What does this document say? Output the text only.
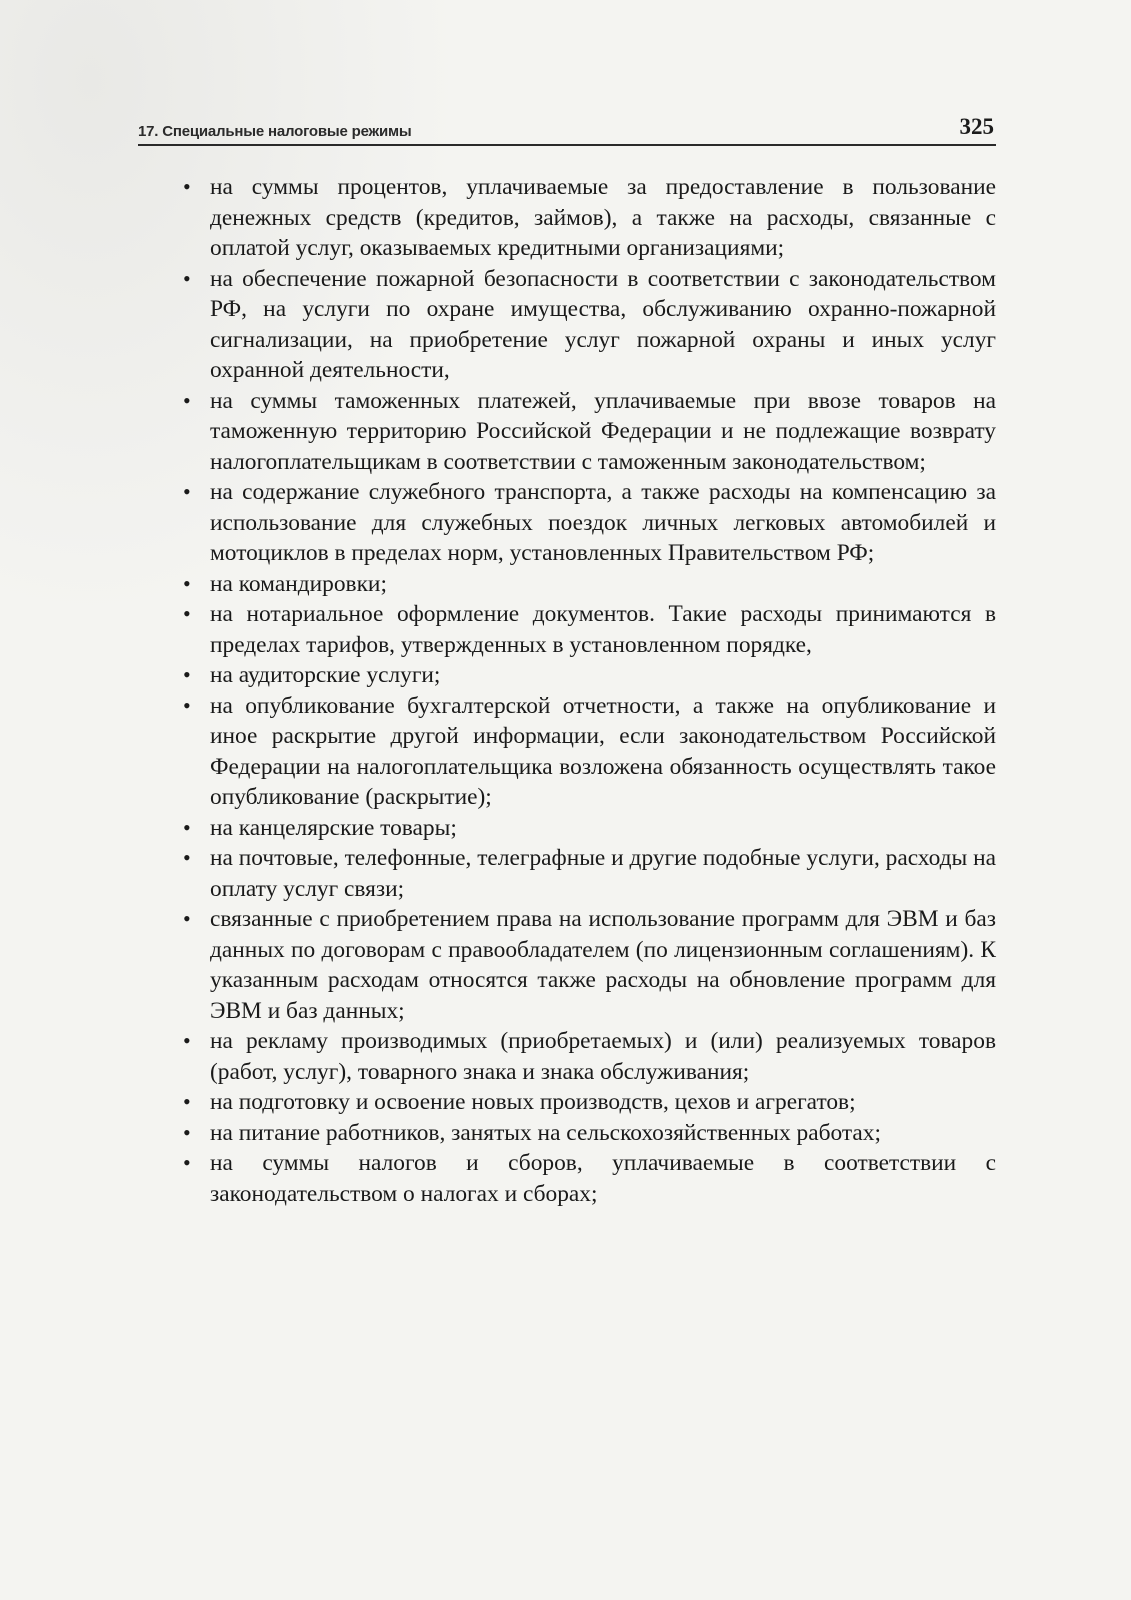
17. Специальные налоговые режимы	325
• на суммы процентов, уплачиваемые за предоставление в пользование денежных средств (кредитов, займов), а также на расходы, связанные с оплатой услуг, оказываемых кредитными организациями;
• на обеспечение пожарной безопасности в соответствии с законодательством РФ, на услуги по охране имущества, обслуживанию охранно-пожарной сигнализации, на приобретение услуг пожарной охраны и иных услуг охранной деятельности,
• на суммы таможенных платежей, уплачиваемые при ввозе товаров на таможенную территорию Российской Федерации и не подлежащие возврату налогоплательщикам в соответствии с таможенным законодательством;
• на содержание служебного транспорта, а также расходы на компенсацию за использование для служебных поездок личных легковых автомобилей и мотоциклов в пределах норм, установленных Правительством РФ;
• на командировки;
• на нотариальное оформление документов. Такие расходы принимаются в пределах тарифов, утвержденных в установленном порядке,
• на аудиторские услуги;
• на опубликование бухгалтерской отчетности, а также на опубликование и иное раскрытие другой информации, если законодательством Российской Федерации на налогоплательщика возложена обязанность осуществлять такое опубликование (раскрытие);
• на канцелярские товары;
• на почтовые, телефонные, телеграфные и другие подобные услуги, расходы на оплату услуг связи;
• связанные с приобретением права на использование программ для ЭВМ и баз данных по договорам с правообладателем (по лицензионным соглашениям). К указанным расходам относятся также расходы на обновление программ для ЭВМ и баз данных;
• на рекламу производимых (приобретаемых) и (или) реализуемых товаров (работ, услуг), товарного знака и знака обслуживания;
• на подготовку и освоение новых производств, цехов и агрегатов;
• на питание работников, занятых на сельскохозяйственных работах;
• на суммы налогов и сборов, уплачиваемые в соответствии с законодательством о налогах и сборах;
